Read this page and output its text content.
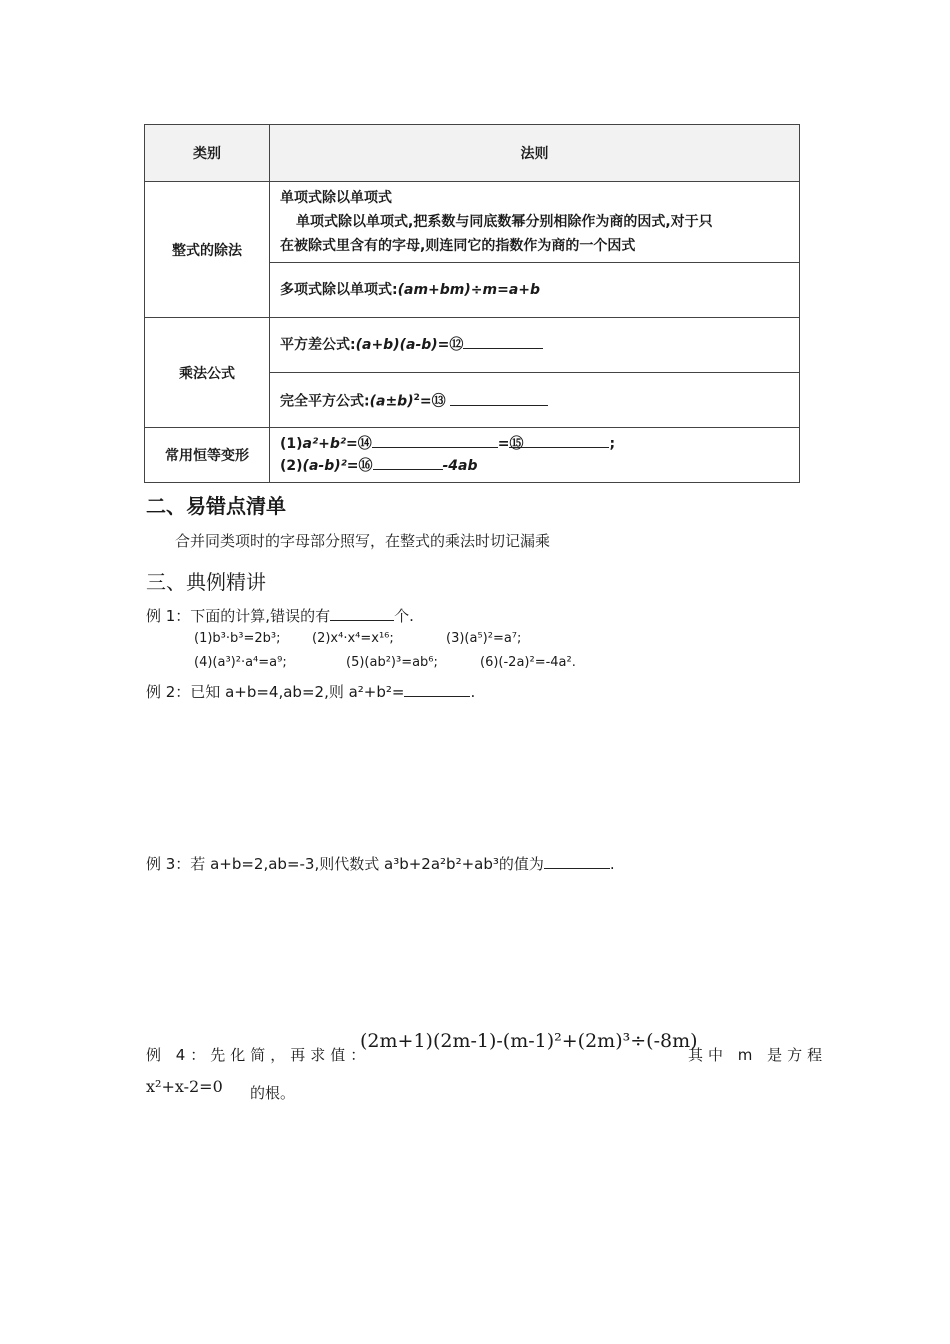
类别	法则
整式的除法	单项式除以单项式
单项式除以单项式,把系数与同底数幂分别相除作为商的因式,对于只
在被除式里含有的字母,则连同它的指数作为商的一个因式

	多项式除以单项式:(am+bm)÷m=a+b
乘法公式	平方差公式:(a+b)(a-b)=⑫
	完全平方公式$:(a\pm b)^2=⑬$
常用恒等变形	(1)a²+b²=⑭ =⑮ ;
(2)(a-b)²=⑯ -4ab
二、易错点清单
合并同类项时的字母部分照写，在整式的乘法时切记漏乘
三、典例精讲
例 1：下面的计算,错误的有	个.
(1)b³·b³=2b³; (2)x⁴·x⁴=x¹⁶;	(3)(a⁵)²=a⁷;
(4)(a³)²·a⁴=a⁹;	(5)(ab²)³=ab⁶;	(6)(-2a)²=-4a².
例 2：已知 a+b=4,ab=2,则 a²+b²=	.
例 3：若 a+b=2,ab=-3,则代数式 a³b+2a²b²+ab³的值为	.
例 4：先化简，再求值：
(2m+1)(2m-1)-(m-1)²+(2m)³÷(-8m)
其中 m 是方程
x²+x-2=0 的根。
